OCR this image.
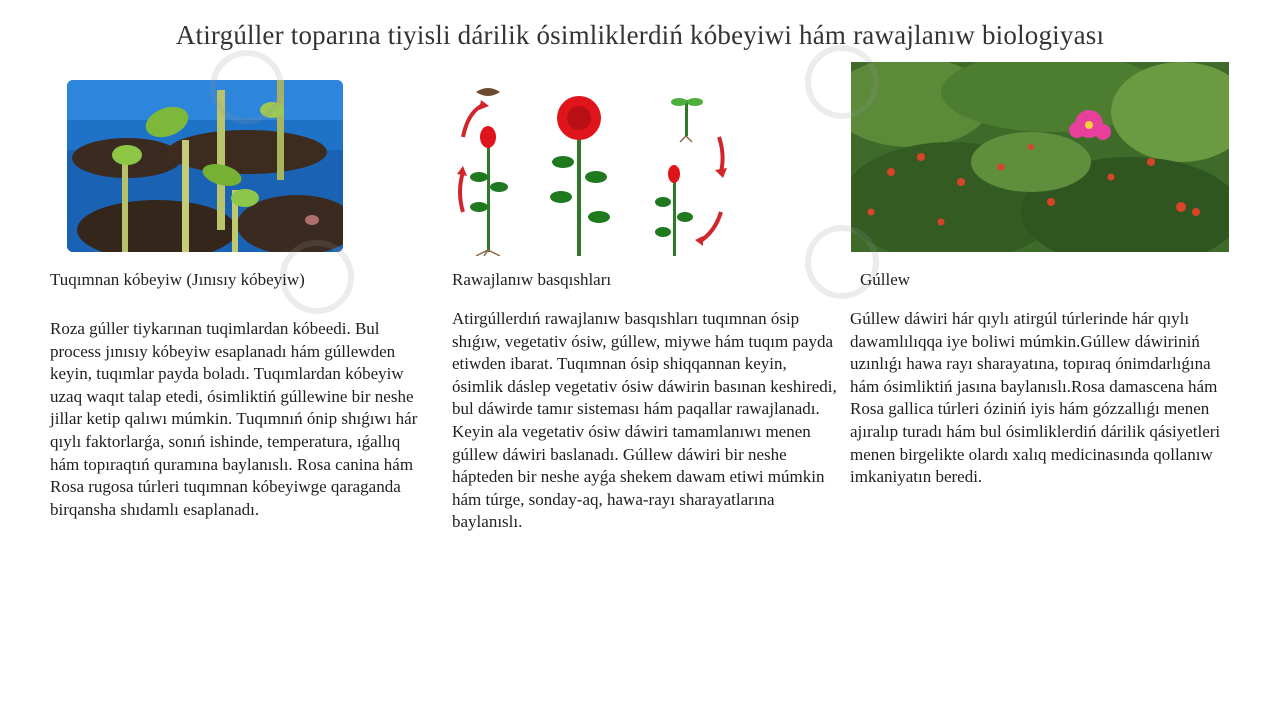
Atirgúller toparına tiyisli dárilik ósimliklerdiń kóbeyiwi hám rawajlanıw biologiyası
Tuqımnan kóbeyiw (Jınısıy kóbeyiw)	Rawajlanıw basqıshları	Gúllew
Roza gúller tiykarınan tuqimlardan kóbeedi. Bul process jınısıy kóbeyiw esaplanadı hám gúllewden keyin, tuqımlar payda boladı. Tuqımlardan kóbeyiw uzaq waqıt talap etedi, ósimliktiń gúllewine bir neshe jillar ketip qalıwı múmkin. Tuqımnıń ónip shıǵıwı hár qıylı faktorlarǵa, sonıń ishinde, temperatura, ıǵallıq hám topıraqtıń quramına baylanıslı. Rosa canina hám Rosa rugosa túrleri tuqımnan kóbeyiwge qaraganda birqansha shıdamlı esaplanadı.
Atirgúllerdıń rawajlanıw basqıshları tuqımnan ósip shıǵıw, vegetativ ósiw, gúllew, miywe hám tuqım payda etiwden ibarat. Tuqımnan ósip shiqqannan keyin, ósimlik dáslep vegetativ ósiw dáwirin basınan keshiredi, bul dáwirde tamır sisteması hám paqallar rawajlanadı. Keyin ala vegetativ ósiw dáwiri tamamlanıwı menen gúllew dáwiri baslanadı. Gúllew dáwiri bir neshe hápteden bir neshe ayǵa shekem dawam etiwi múmkin hám túrge, sonday-aq, hawa-rayı sharayatlarına baylanıslı.
Gúllew dáwiri hár qıylı atirgúl túrlerinde hár qıylı dawamlılıqqa iye boliwi múmkin.Gúllew dáwiriniń uzınlıǵı hawa rayı sharayatına, topıraq ónimdarlıǵına hám ósimliktiń jasına baylanıslı.Rosa damascena hám Rosa gallica túrleri óziniń iyis hám gózzallıǵı menen ajıralıp turadı hám bul ósimliklerdiń dárilik qásiyetleri menen birgelikte olardı xalıq medicinasında qollanıw imkaniyatın beredi.
